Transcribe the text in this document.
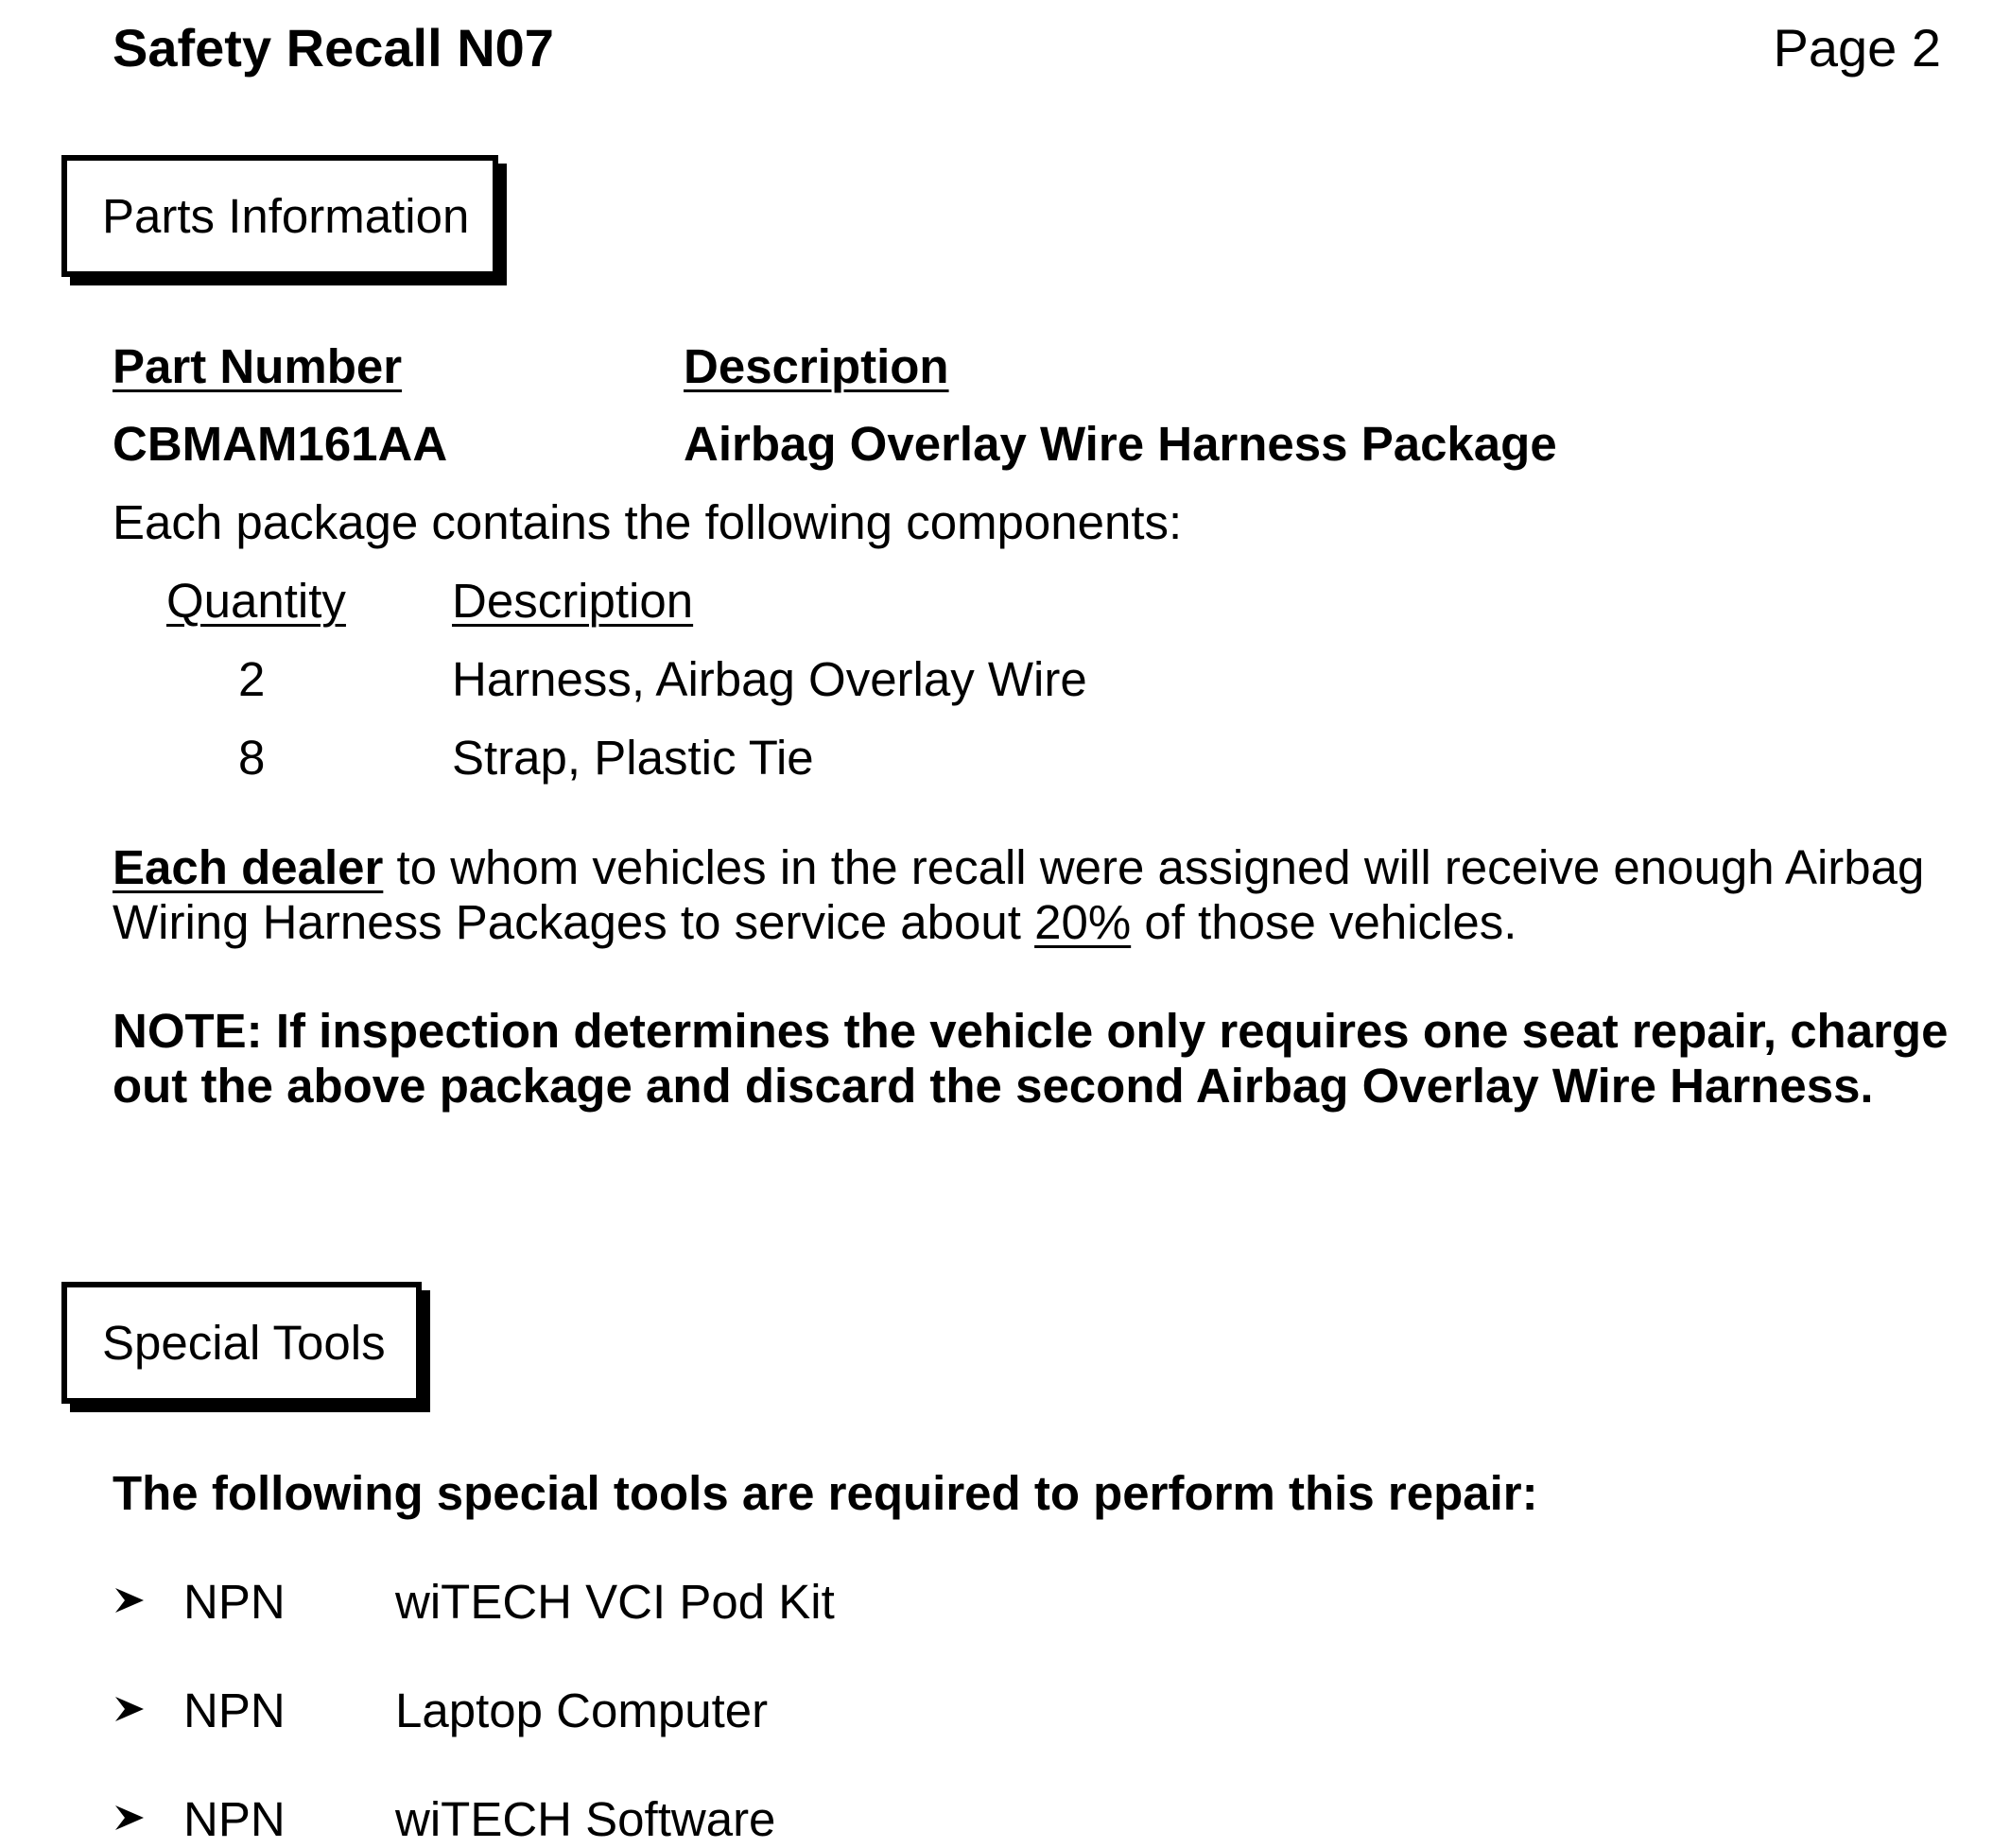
Safety Recall N07	Page 2
Parts Information
Part Number	Description
CBMAM161AA	Airbag Overlay Wire Harness Package
Each package contains the following components:
Quantity Description
2	Harness, Airbag Overlay Wire
8	Strap, Plastic Tie
Each dealer to whom vehicles in the recall were assigned will receive enough Airbag
Wiring Harness Packages to service about 20% of those vehicles.
NOTE: If inspection determines the vehicle only requires one seat repair, charge
out the above package and discard the second Airbag Overlay Wire Harness.
Special Tools
The following special tools are required to perform this repair:
NPN wiTECH VCI Pod Kit
NPN Laptop Computer
NPN wiTECH Software
